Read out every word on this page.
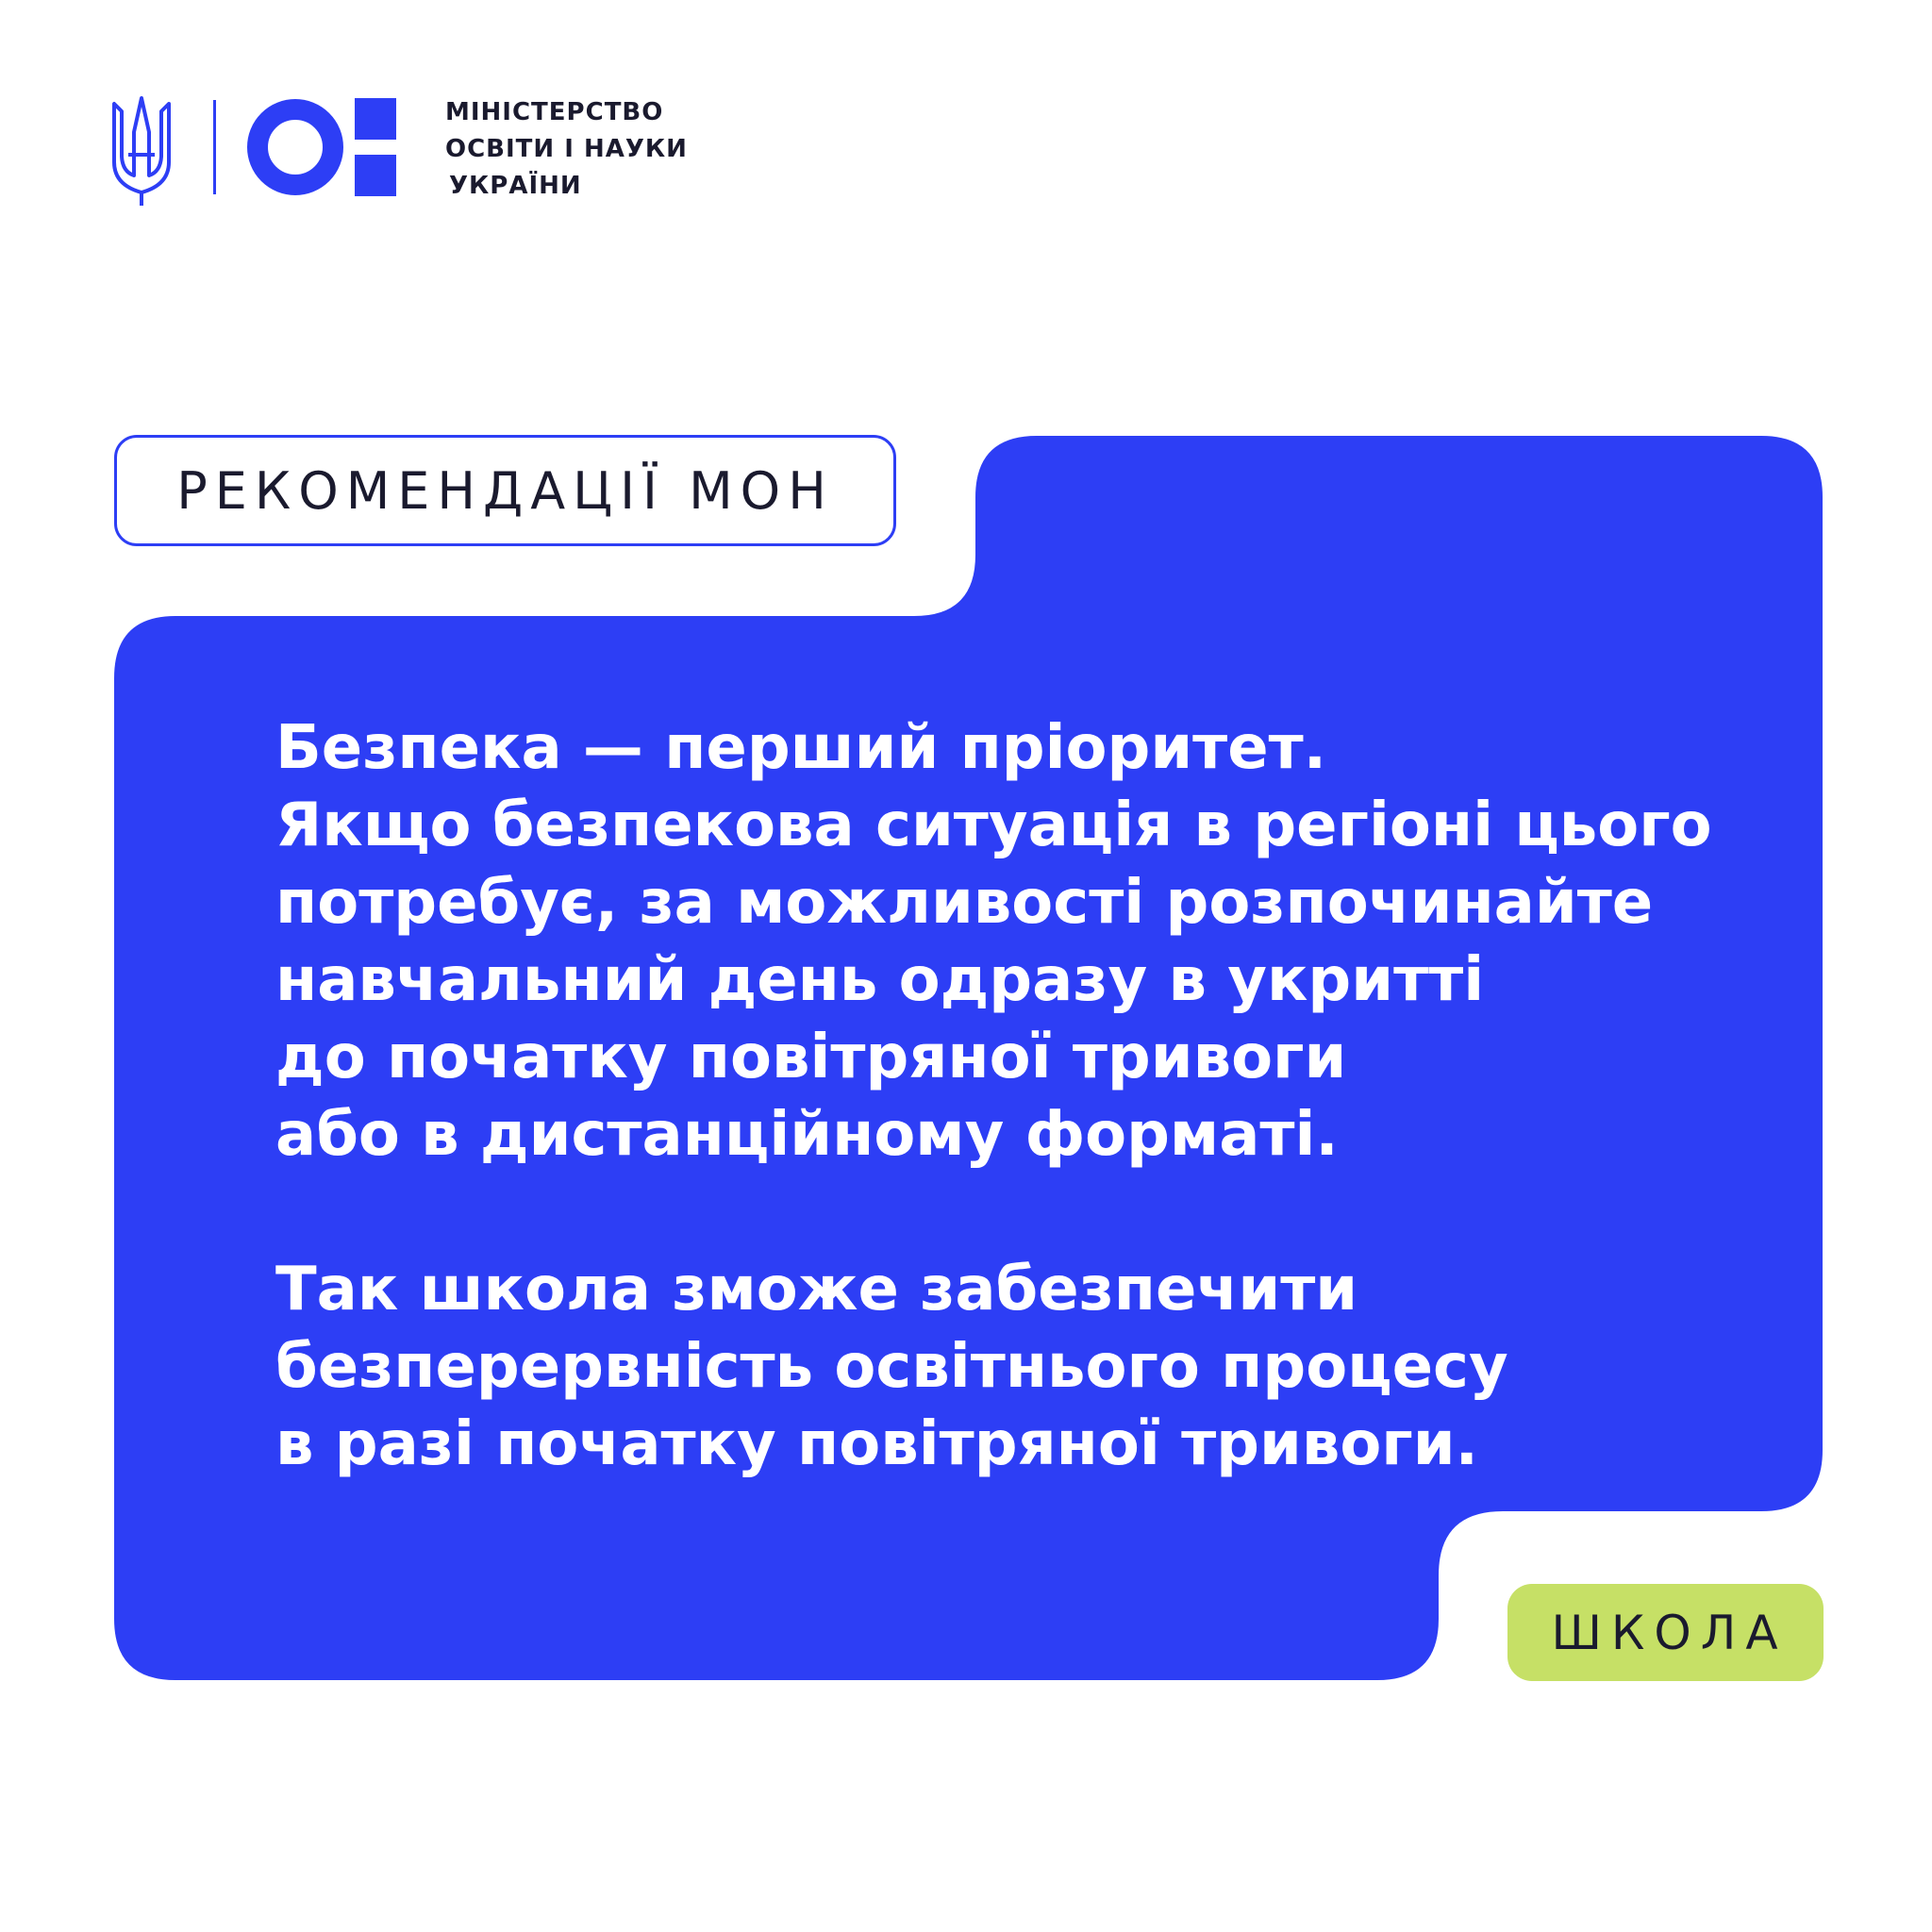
МІНІСТЕРСТВО
ОСВІТИ І НАУКИ
УКРАЇНИ
РЕКОМЕНДАЦІЇ МОН
Безпека — перший пріоритет.
Якщо безпекова ситуація в регіоні цього
потребує, за можливості розпочинайте
навчальний день одразу в укритті
до початку повітряної тривоги
або в дистанційному форматі.
Так школа зможе забезпечити
безперервність освітнього процесу
в разі початку повітряної тривоги.
ШКОЛА
